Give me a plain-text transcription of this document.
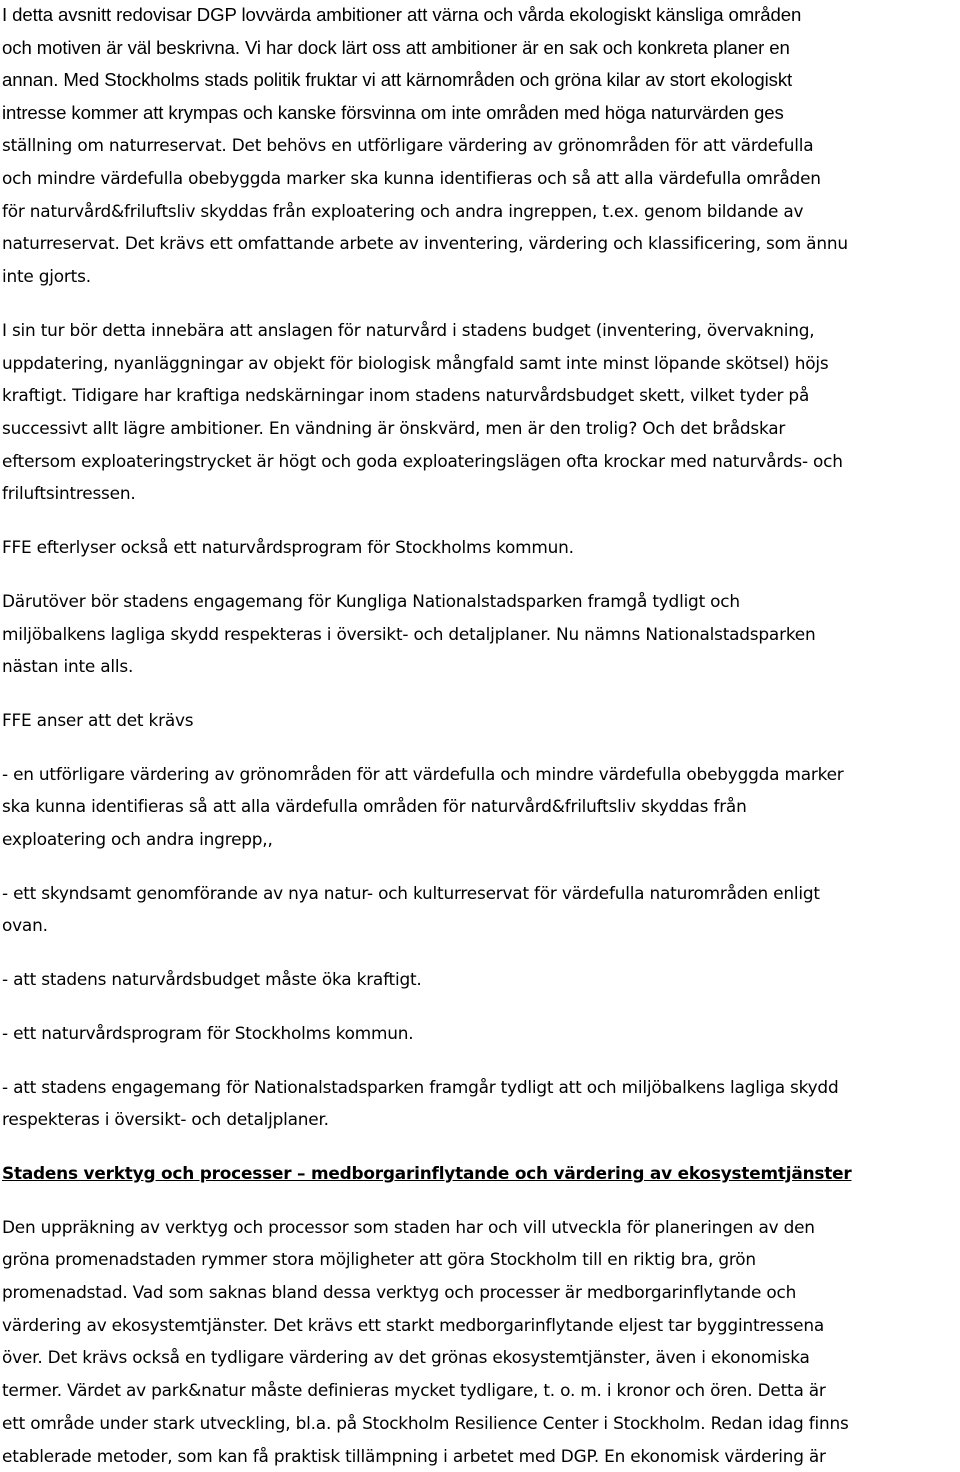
I detta avsnitt redovisar DGP lovvärda ambitioner att värna och vårda ekologiskt känsliga områden
och motiven är väl beskrivna. Vi har dock lärt oss att ambitioner är en sak och konkreta planer en
annan. Med Stockholms stads politik fruktar vi att kärnområden och gröna kilar av stort ekologiskt
intresse kommer att krympas och kanske försvinna om inte områden med höga naturvärden ges
ställning om naturreservat. Det behövs en utförligare värdering av grönområden för att värdefulla
och mindre värdefulla obebyggda marker ska kunna identifieras och så att alla värdefulla områden
för naturvård&friluftsliv skyddas från exploatering och andra ingreppen, t.ex. genom bildande av
naturreservat. Det krävs ett omfattande arbete av inventering, värdering och klassificering, som ännu
inte gjorts.
I sin tur bör detta innebära att anslagen för naturvård i stadens budget (inventering, övervakning,
uppdatering, nyanläggningar av objekt för biologisk mångfald samt inte minst löpande skötsel) höjs
kraftigt. Tidigare har kraftiga nedskärningar inom stadens naturvårdsbudget skett, vilket tyder på
successivt allt lägre ambitioner. En vändning är önskvärd, men är den trolig? Och det brådskar
eftersom exploateringstrycket är högt och goda exploateringslägen ofta krockar med naturvårds- och
friluftsintressen.
FFE efterlyser också ett naturvårdsprogram för Stockholms kommun.
Därutöver bör stadens engagemang för Kungliga Nationalstadsparken framgå tydligt och
miljöbalkens lagliga skydd respekteras i översikt- och detaljplaner. Nu nämns Nationalstadsparken
nästan inte alls.
FFE anser att det krävs
- en utförligare värdering av grönområden för att värdefulla och mindre värdefulla obebyggda marker
ska kunna identifieras så att alla värdefulla områden för naturvård&friluftsliv skyddas från
exploatering och andra ingrepp,,
- ett skyndsamt genomförande av nya natur- och kulturreservat för värdefulla naturområden enligt
ovan.
- att stadens naturvårdsbudget måste öka kraftigt.
- ett naturvårdsprogram för Stockholms kommun.
- att stadens engagemang för Nationalstadsparken framgår tydligt att och miljöbalkens lagliga skydd
respekteras i översikt- och detaljplaner.
Stadens verktyg och processer – medborgarinflytande och värdering av ekosystemtjänster
Den uppräkning av verktyg och processor som staden har och vill utveckla för planeringen av den
gröna promenadstaden rymmer stora möjligheter att göra Stockholm till en riktig bra, grön
promenadstad. Vad som saknas bland dessa verktyg och processer är medborgarinflytande och
värdering av ekosystemtjänster. Det krävs ett starkt medborgarinflytande eljest tar byggintressena
över. Det krävs också en tydligare värdering av det grönas ekosystemtjänster, även i ekonomiska
termer. Värdet av park&natur måste definieras mycket tydligare, t. o. m. i kronor och ören. Detta är
ett område under stark utveckling, bl.a. på Stockholm Resilience Center i Stockholm. Redan idag finns
etablerade metoder, som kan få praktisk tillämpning i arbetet med DGP. En ekonomisk värdering är
